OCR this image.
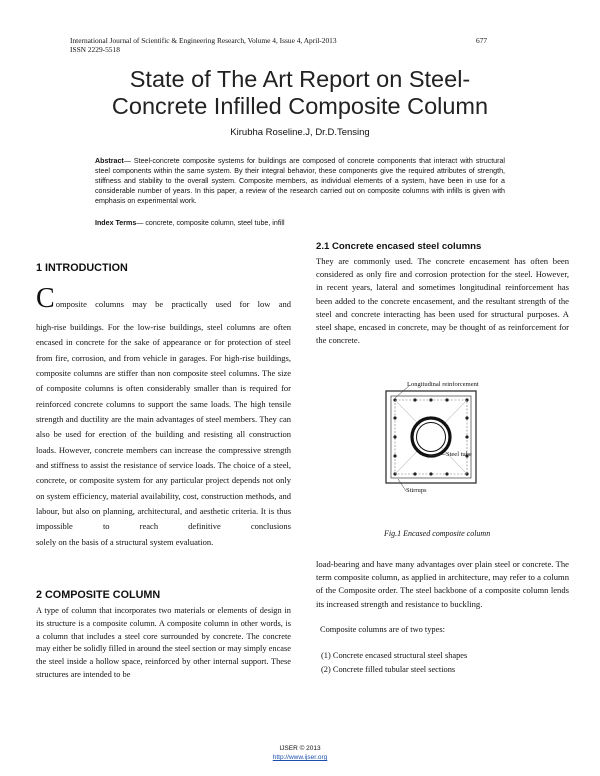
International Journal of Scientific & Engineering Research, Volume 4, Issue 4, April-2013	677
ISSN 2229-5518
State of The Art Report on Steel-
Concrete Infilled Composite Column
Kirubha Roseline.J, Dr.D.Tensing
Abstract— Steel-concrete composite systems for buildings are composed of concrete components that interact with structural steel components within the same system. By their integral behavior, these components give the required attributes of strength, stiffness and stability to the overall system. Composite members, as individual elements of a system, have been in use for a considerable number of years. In this paper, a review of the research carried out on composite columns with infills is given with emphasis on experimental work.
Index Terms— concrete, composite column, steel tube, infill
1 INTRODUCTION
C omposite columns may be practically used for low and
high-rise buildings. For the low-rise buildings, steel columns are often encased in concrete for the sake of appearance or for protection of steel from fire, corrosion, and from vehicle in garages. For high-rise buildings, composite columns are stiffer than non composite steel columns. The size of composite columns is often considerably smaller than is required for reinforced concrete columns to support the same loads. The high tensile strength and ductility are the main advantages of steel members. They can also be used for erection of the building and resisting all construction loads. However, concrete members can increase the compressive strength and stiffness to assist the resistance of service loads. The choice of a steel, concrete, or composite system for any particular project depends not only on system efficiency, material availability, cost, construction methods, and labour, but also on planning, architectural, and aesthetic criteria. It is thus impossible to reach definitive conclusions
solely on the basis of a structural system evaluation.
2 COMPOSITE COLUMN
A type of column that incorporates two materials or elements of design in its structure is a composite column. A composite column in other words, is a column that includes a steel core surrounded by concrete. The concrete may either be solidly filled in around the steel section or may simply encase the steel inside a hollow space, reinforced by other internal support. These structures are intended to be
2.1 Concrete encased steel columns
They are commonly used. The concrete encasement has often been considered as only fire and corrosion protection for the steel. However, in recent years, lateral and sometimes longitudinal reinforcement has been added to the concrete encasement, and the resultant strength of the steel and concrete interacting has been used for structural purposes. A steel shape, encased in concrete, may be thought of as reinforcement for the concrete.
Longitudinal reinforcement
Steel tube
Stirrups
Fig.1 Encased composite column
load-bearing and have many advantages over plain steel or concrete. The term composite column, as applied in architecture, may refer to a column of the Composite order. The steel backbone of a composite column lends its increased strength and resistance to buckling.
Composite columns are of two types:
(1) Concrete encased structural steel shapes
(2) Concrete filled tubular steel sections
IJSER © 2013
http://www.ijser.org
